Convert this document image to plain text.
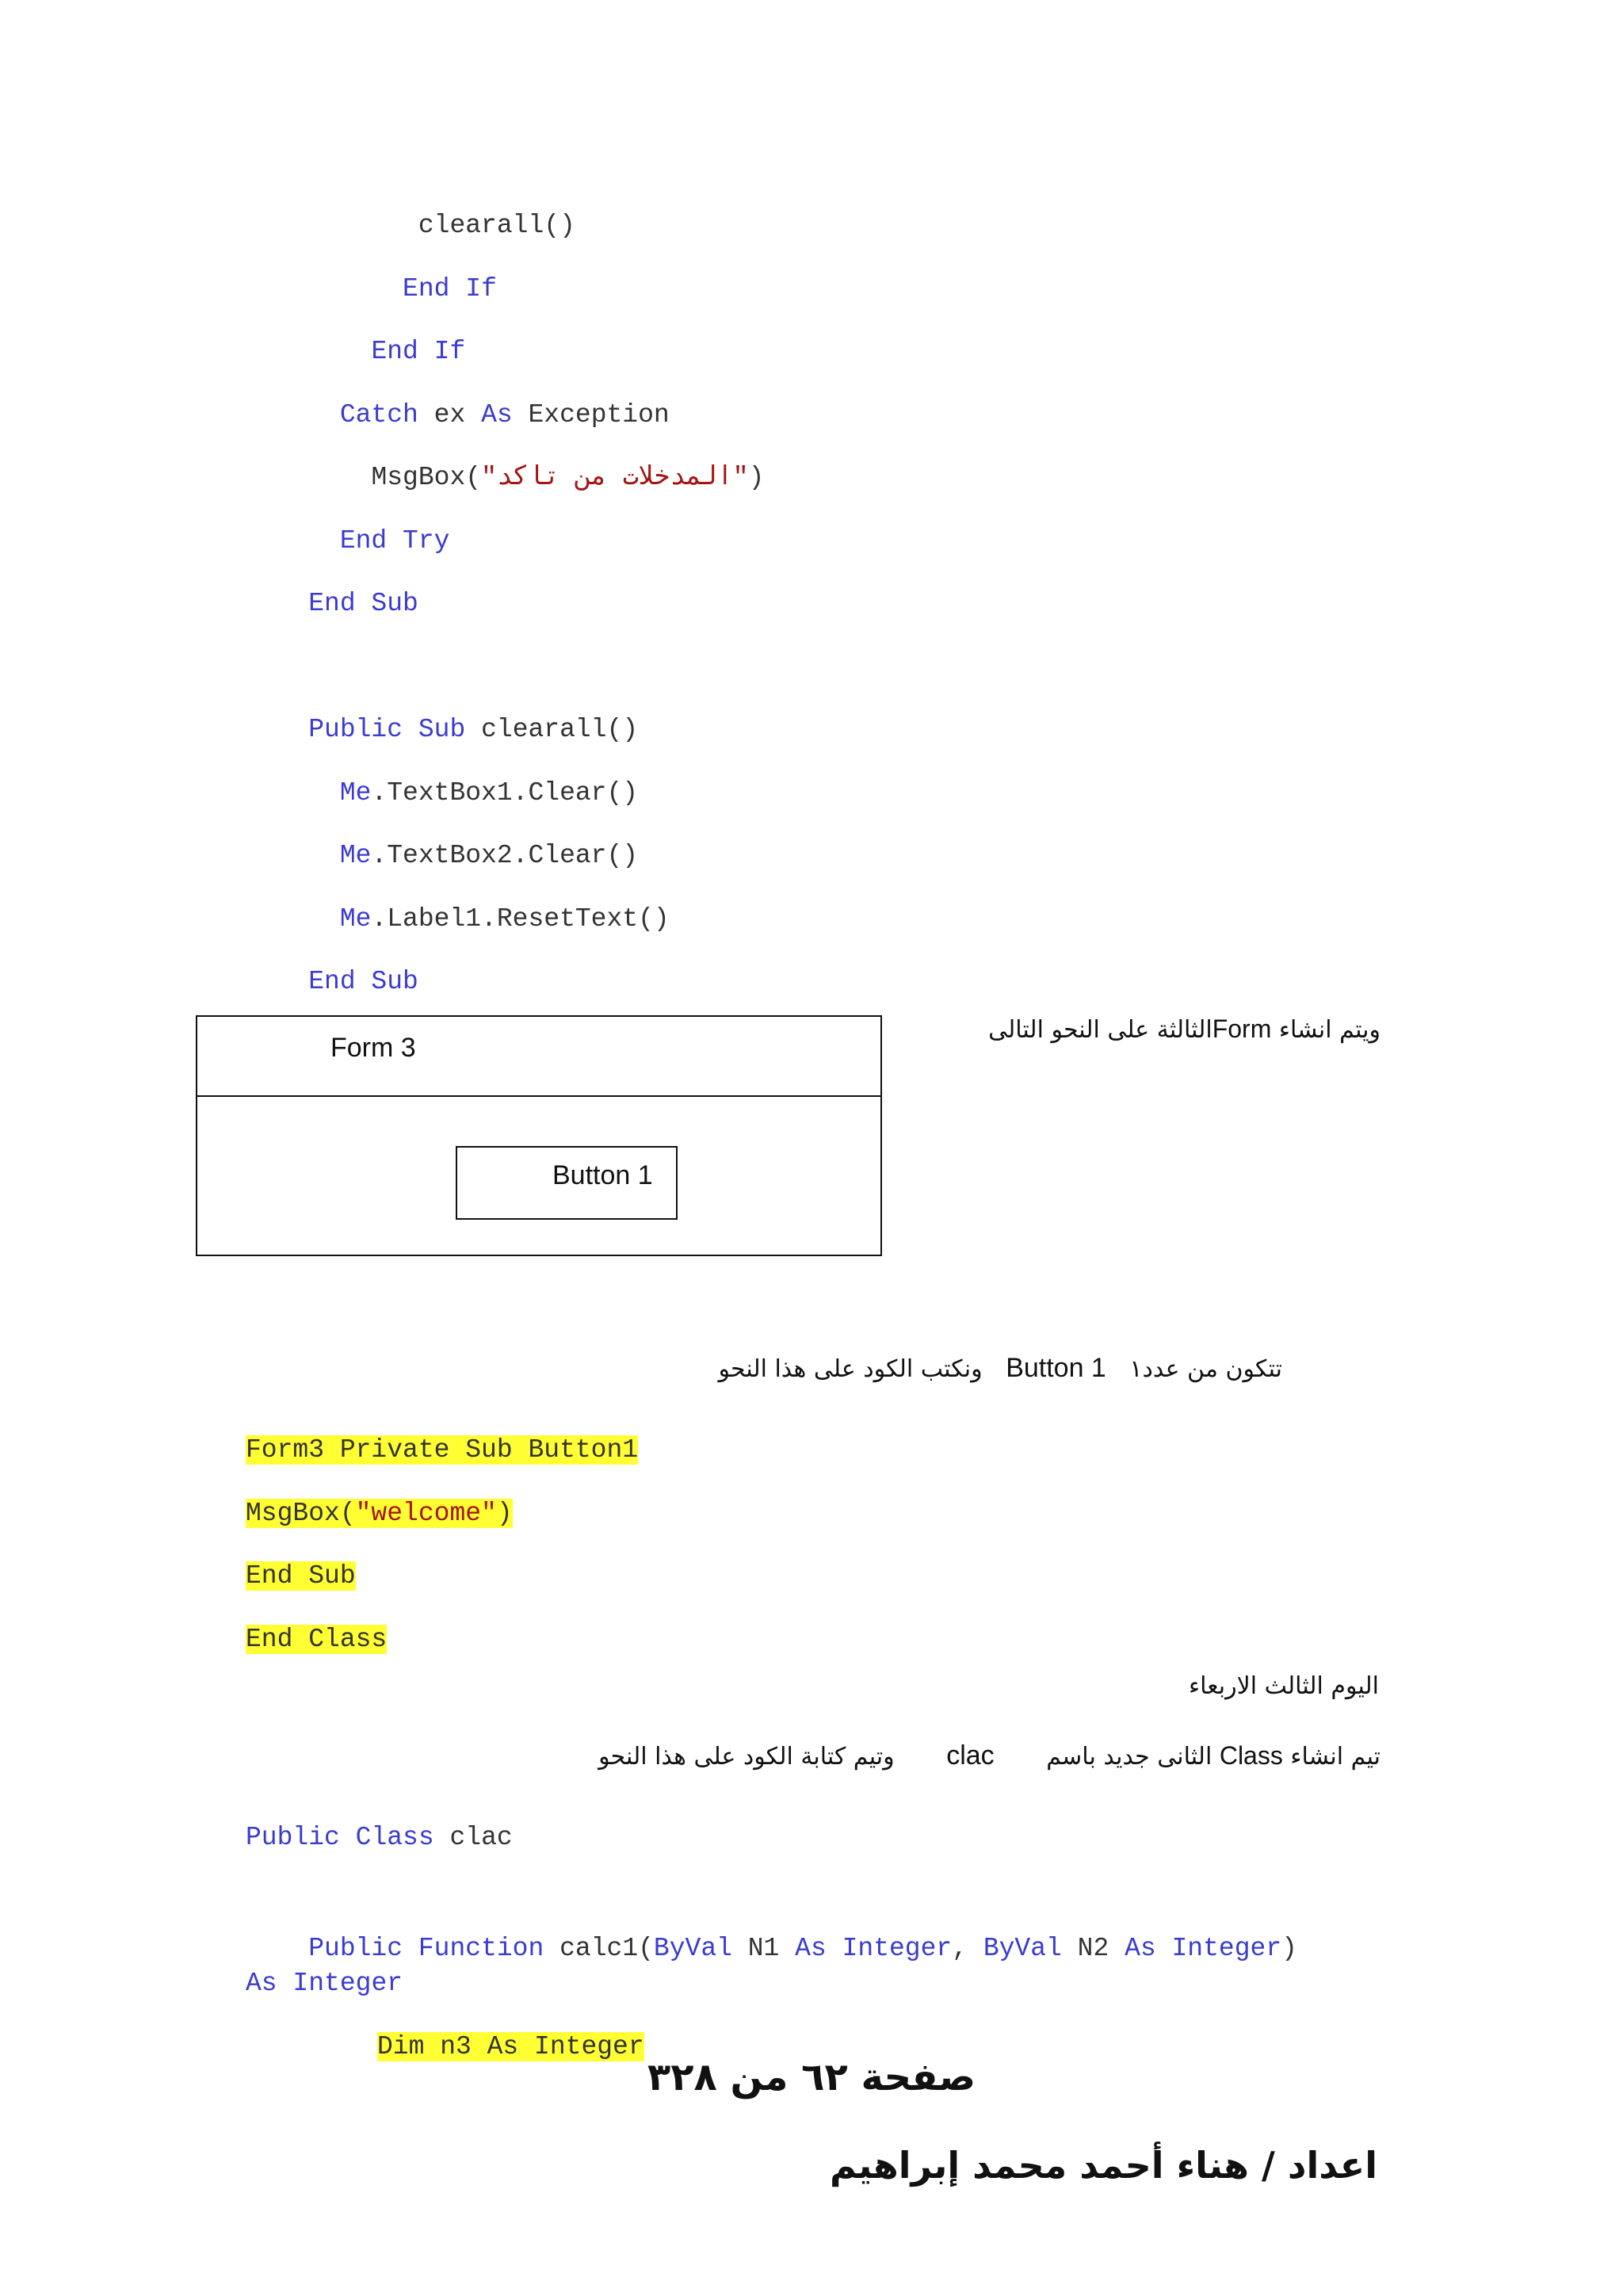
clearall()
End If
End If
Catch ex As Exception
MsgBox("المدخلات من تاكد")
End Try
End Sub

Public Sub clearall()
Me.TextBox1.Clear()
Me.TextBox2.Clear()
Me.Label1.ResetText()
End Sub
ويتم انشاء Formالثالثة على النحو التالى
Form 3
Button 1
تتكون من عدد١ Button 1 ونكتب الكود على هذا النحو
Form3 Private Sub Button1
MsgBox("welcome")
End Sub
End Class
اليوم الثالث الاربعاء
تيم انشاء Class الثانى جديد باسم clac وتيم كتابة الكود على هذا النحو
Public Class clac

Public Function calc1(ByVal N1 As Integer, ByVal N2 As Integer)
As Integer
Dim n3 As Integer
صفحة ٦٢ من ٣٢٨
اعداد / هناء أحمد محمد إبراهيم
